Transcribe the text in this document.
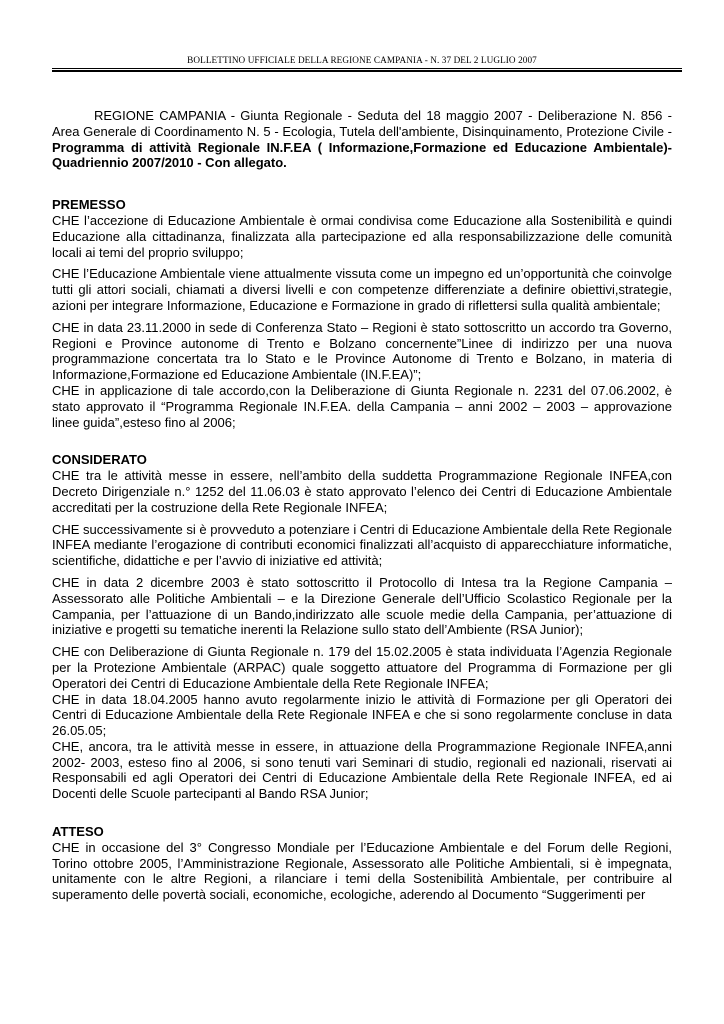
BOLLETTINO UFFICIALE DELLA REGIONE CAMPANIA - N. 37 DEL 2 LUGLIO 2007

REGIONE CAMPANIA - Giunta Regionale - Seduta del 18 maggio 2007 - Deliberazione N. 856 - Area Generale di Coordinamento N. 5 - Ecologia, Tutela dell'ambiente, Disinquinamento, Protezione Civile - Programma di attività Regionale IN.F.EA ( Informazione,Formazione ed Educazione Ambientale)- Quadriennio 2007/2010 - Con allegato.

PREMESSO

CHE l’accezione di Educazione Ambientale è ormai condivisa come Educazione alla Sostenibilità e quindi Educazione alla cittadinanza, finalizzata alla partecipazione ed alla responsabilizzazione delle comunità locali ai temi del proprio sviluppo;

CHE l’Educazione Ambientale viene attualmente vissuta come un impegno ed un’opportunità che coinvolge tutti gli attori sociali, chiamati a diversi livelli e con competenze differenziate a definire obiettivi,strategie, azioni per integrare Informazione, Educazione e Formazione in grado di riflettersi sulla qualità ambientale;

CHE in data 23.11.2000 in sede di Conferenza Stato – Regioni è stato sottoscritto un accordo tra Governo, Regioni e Province autonome di Trento e Bolzano concernente”Linee di indirizzo per una nuova programmazione concertata tra lo Stato e le Province Autonome di Trento e Bolzano, in materia di Informazione,Formazione ed Educazione Ambientale (IN.F.EA)”;

CHE in applicazione di tale accordo,con la Deliberazione di Giunta Regionale n. 2231 del 07.06.2002, è stato approvato il “Programma Regionale IN.F.EA. della Campania – anni 2002 – 2003 – approvazione linee guida”,esteso fino al 2006;

CONSIDERATO

CHE tra le attività messe in essere, nell’ambito della suddetta Programmazione Regionale INFEA,con Decreto Dirigenziale n.° 1252 del 11.06.03 è stato approvato l’elenco dei Centri di Educazione Ambientale accreditati per la costruzione della Rete Regionale INFEA;

CHE successivamente si è provveduto a potenziare i Centri di Educazione Ambientale della Rete Regionale INFEA mediante l’erogazione di contributi economici finalizzati all’acquisto di apparecchiature informatiche, scientifiche, didattiche e per l’avvio di iniziative ed attività;

CHE in data 2 dicembre 2003 è stato sottoscritto il Protocollo di Intesa tra la Regione Campania – Assessorato alle Politiche Ambientali – e la Direzione Generale dell’Ufficio Scolastico Regionale per la Campania, per l’attuazione di un Bando,indirizzato alle scuole medie della Campania, per’attuazione di iniziative e progetti su tematiche inerenti la Relazione sullo stato dell’Ambiente (RSA Junior);

CHE con Deliberazione di Giunta Regionale n. 179 del 15.02.2005 è stata individuata l’Agenzia Regionale per la Protezione Ambientale (ARPAC) quale soggetto attuatore del Programma di Formazione per gli Operatori dei Centri di Educazione Ambientale della Rete Regionale INFEA;

CHE in data 18.04.2005 hanno avuto regolarmente inizio le attività di Formazione per gli Operatori dei Centri di Educazione Ambientale della Rete Regionale INFEA e che si sono regolarmente concluse in data 26.05.05;

CHE, ancora, tra le attività messe in essere, in attuazione della Programmazione Regionale INFEA,anni 2002- 2003, esteso fino al 2006, si sono tenuti vari Seminari di studio, regionali ed nazionali, riservati ai Responsabili ed agli Operatori dei Centri di Educazione Ambientale della Rete Regionale INFEA, ed ai Docenti delle Scuole partecipanti al Bando RSA Junior;

ATTESO

CHE in occasione del 3° Congresso Mondiale per l’Educazione Ambientale e del Forum delle Regioni, Torino ottobre 2005, l’Amministrazione Regionale, Assessorato alle Politiche Ambientali, si è impegnata, unitamente con le altre Regioni, a rilanciare i temi della Sostenibilità Ambientale, per contribuire al superamento delle povertà sociali, economiche, ecologiche, aderendo al Documento “Suggerimenti per
